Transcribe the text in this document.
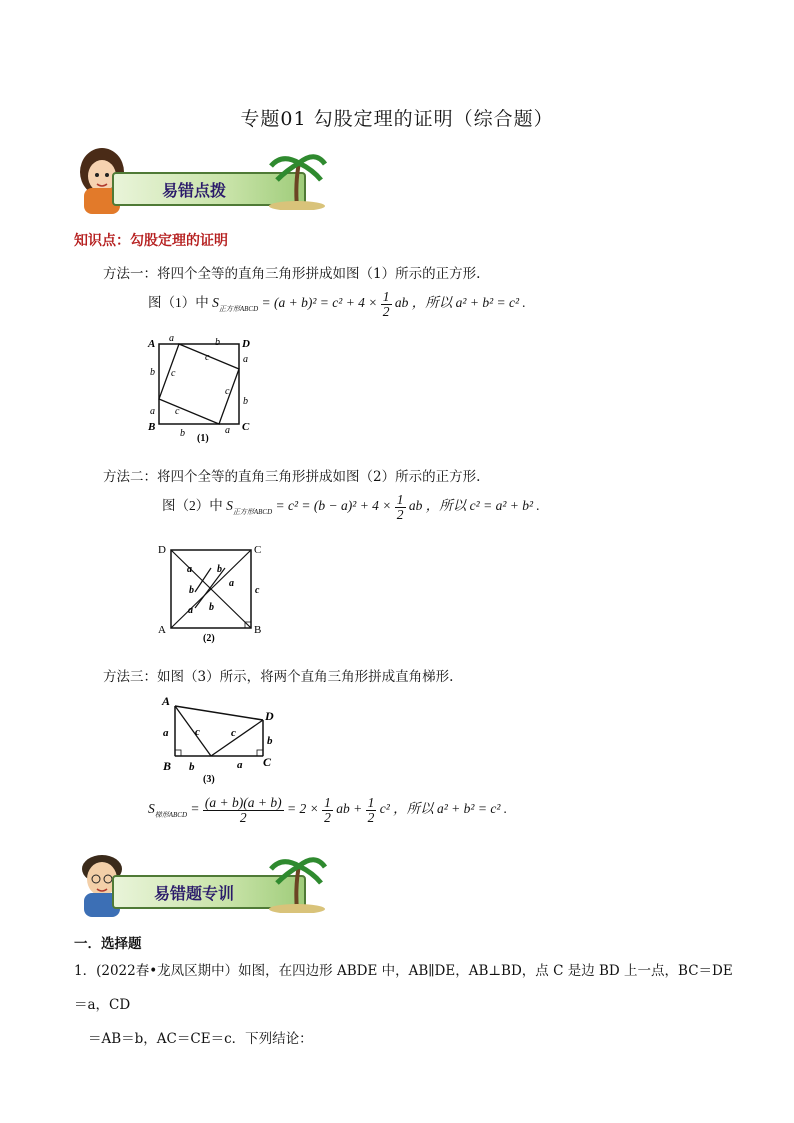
专题01 勾股定理的证明（综合题）
易错点拨
知识点：勾股定理的证明
方法一：将四个全等的直角三角形拼成如图（1）所示的正方形.
图（1）中 $S_{正方形ABCD} = (a + b)^2 = c^2 + 4 \times \frac{1}{2}$ ab ，所以 a² + b² = c² .
A	D
B	C
a	b
b
a
b
a
b	a
c
c
c
c
(1)
方法二：将四个全等的直角三角形拼成如图（2）所示的正方形.
图（2）中 $S_{正方形ABCD} = c^2 = (b - a)^2 + 4 \times \frac{1}{2}$ ab ，所以 c² = a² + b² .
D	C
A	B
a	b
a
b
a b
c
(2)
方法三：如图（3）所示，将两个直角三角形拼成直角梯形.
A
D
B	C
a
b
b	a
c	c
(3)
$S_{梯形ABCD} = \frac{(a + b)(a + b)}{2} = 2 \times \frac{1}{2}$ ab + $\frac{1}{2} c^2$ ，所以 a² + b² = c² .
易错题专训
一．选择题
1．(2022春•龙凤区期中）如图，在四边形 ABDE 中，AB∥DE，AB⊥BD，点 C 是边 BD 上一点，BC＝DE＝a，CD
＝AB＝b，AC＝CE＝c．下列结论：
